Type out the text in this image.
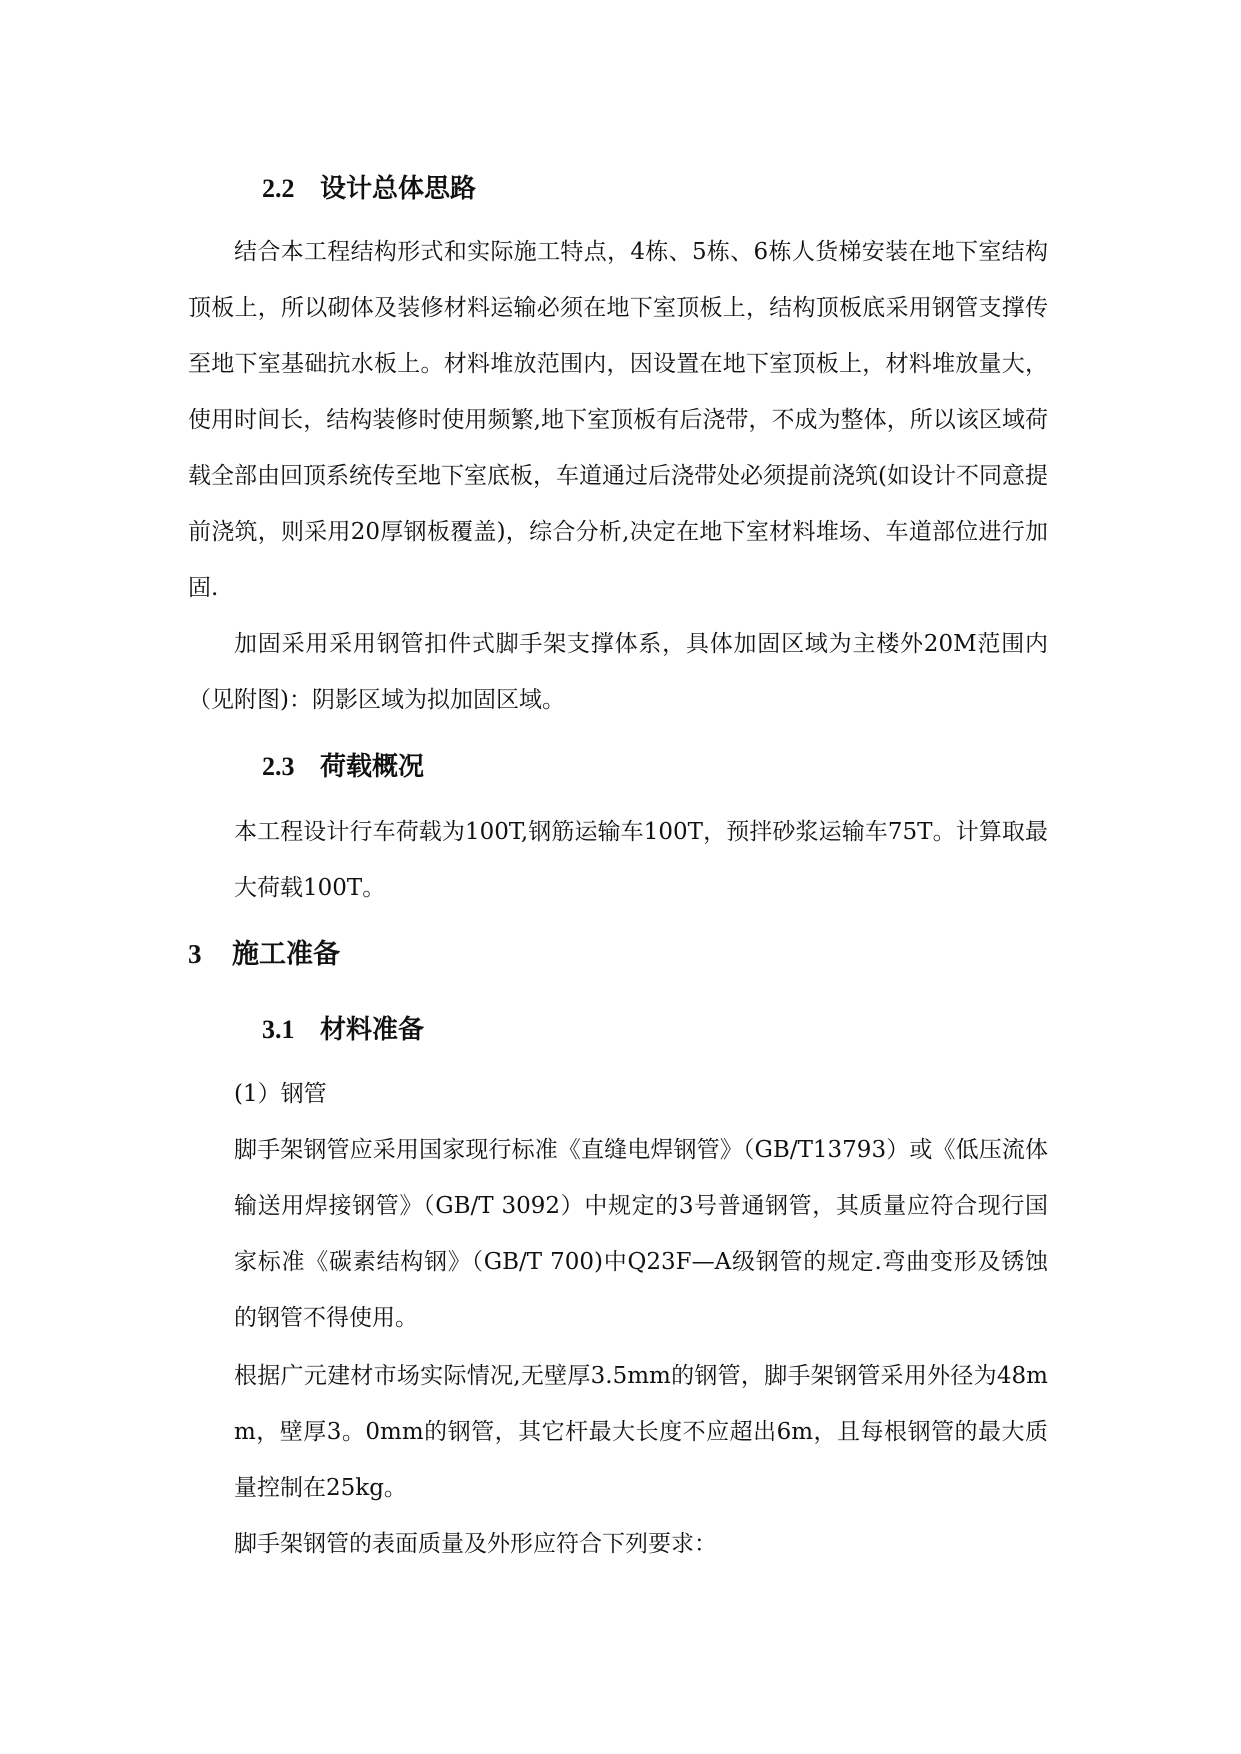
2.2 设计总体思路
结合本工程结构形式和实际施工特点，4栋、5栋、6栋人货梯安装在地下室结构顶板上，所以砌体及装修材料运输必须在地下室顶板上，结构顶板底采用钢管支撑传至地下室基础抗水板上。材料堆放范围内，因设置在地下室顶板上，材料堆放量大，使用时间长，结构装修时使用频繁,地下室顶板有后浇带，不成为整体，所以该区域荷载全部由回顶系统传至地下室底板，车道通过后浇带处必须提前浇筑(如设计不同意提前浇筑，则采用20厚钢板覆盖)，综合分析,决定在地下室材料堆场、车道部位进行加固.
加固采用采用钢管扣件式脚手架支撑体系，具体加固区域为主楼外20M范围内（见附图)：阴影区域为拟加固区域。
2.3 荷载概况
本工程设计行车荷载为100T,钢筋运输车100T，预拌砂浆运输车75T。计算取最大荷载100T。
3 施工准备
3.1 材料准备
(1）钢管
脚手架钢管应采用国家现行标准《直缝电焊钢管》（GB/T13793）或《低压流体输送用焊接钢管》（GB/T 3092）中规定的3号普通钢管，其质量应符合现行国家标准《碳素结构钢》（GB/T 700)中Q23F—A级钢管的规定.弯曲变形及锈蚀的钢管不得使用。
根据广元建材市场实际情况,无壁厚3.5mm的钢管，脚手架钢管采用外径为48mm，壁厚3。0mm的钢管，其它杆最大长度不应超出6m，且每根钢管的最大质量控制在25kg。
脚手架钢管的表面质量及外形应符合下列要求：
